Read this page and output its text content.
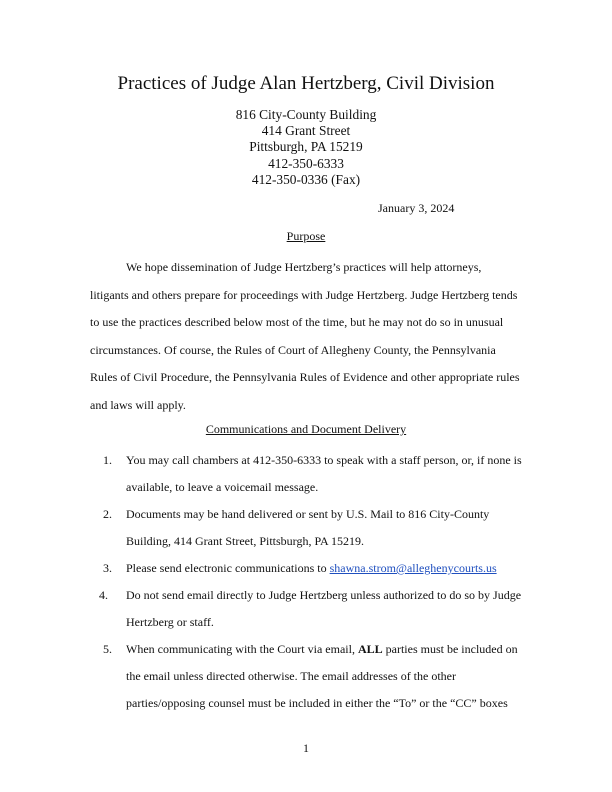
Practices of Judge Alan Hertzberg, Civil Division
816 City-County Building
414 Grant Street
Pittsburgh, PA 15219
412-350-6333
412-350-0336 (Fax)
January 3, 2024
Purpose
We hope dissemination of Judge Hertzberg’s practices will help attorneys, litigants and others prepare for proceedings with Judge Hertzberg. Judge Hertzberg tends to use the practices described below most of the time, but he may not do so in unusual circumstances. Of course, the Rules of Court of Allegheny County, the Pennsylvania Rules of Civil Procedure, the Pennsylvania Rules of Evidence and other appropriate rules and laws will apply.
Communications and Document Delivery
1. You may call chambers at 412-350-6333 to speak with a staff person, or, if none is available, to leave a voicemail message.
2. Documents may be hand delivered or sent by U.S. Mail to 816 City-County Building, 414 Grant Street, Pittsburgh, PA 15219.
3. Please send electronic communications to shawna.strom@alleghenycourts.us
4. Do not send email directly to Judge Hertzberg unless authorized to do so by Judge Hertzberg or staff.
5. When communicating with the Court via email, ALL parties must be included on the email unless directed otherwise. The email addresses of the other parties/opposing counsel must be included in either the “To” or the “CC” boxes
1
